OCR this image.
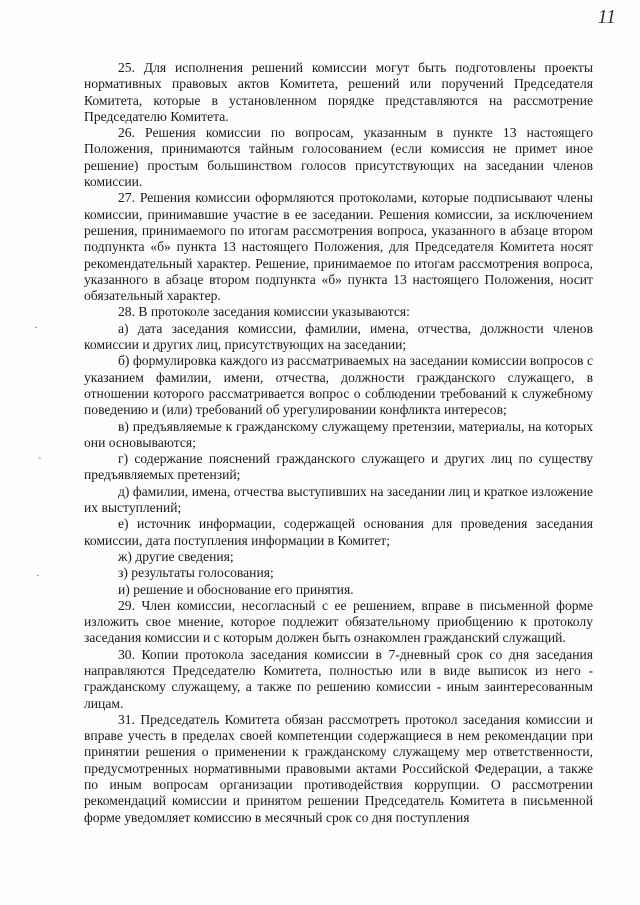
11
·
`
·

25. Для исполнения решений комиссии могут быть подготовлены проекты нормативных правовых актов Комитета, решений или поручений Председателя Комитета, которые в установленном порядке представляются на рассмотрение Председателю Комитета.

26. Решения комиссии по вопросам, указанным в пункте 13 настоящего Положения, принимаются тайным голосованием (если комиссия не примет иное решение) простым большинством голосов присутствующих на заседании членов комиссии.

27. Решения комиссии оформляются протоколами, которые подписывают члены комиссии, принимавшие участие в ее заседании. Решения комиссии, за исключением решения, принимаемого по итогам рассмотрения вопроса, указанного в абзаце втором подпункта «б» пункта 13 настоящего Положения, для Председателя Комитета носят рекомендательный характер. Решение, принимаемое по итогам рассмотрения вопроса, указанного в абзаце втором подпункта «б» пункта 13 настоящего Положения, носит обязательный характер.

28. В протоколе заседания комиссии указываются:

а) дата заседания комиссии, фамилии, имена, отчества, должности членов комиссии и других лиц, присутствующих на заседании;

б) формулировка каждого из рассматриваемых на заседании комиссии вопросов с указанием фамилии, имени, отчества, должности гражданского служащего, в отношении которого рассматривается вопрос о соблюдении требований к служебному поведению и (или) требований об урегулировании конфликта интересов;

в) предъявляемые к гражданскому служащему претензии, материалы, на которых они основываются;

г) содержание пояснений гражданского служащего и других лиц по существу предъявляемых претензий;

д) фамилии, имена, отчества выступивших на заседании лиц и краткое изложение их выступлений;

е) источник информации, содержащей основания для проведения заседания комиссии, дата поступления информации в Комитет;

ж) другие сведения;

з) результаты голосования;

и) решение и обоснование его принятия.

29. Член комиссии, несогласный с ее решением, вправе в письменной форме изложить свое мнение, которое подлежит обязательному приобщению к протоколу заседания комиссии и с которым должен быть ознакомлен гражданский служащий.

30. Копии протокола заседания комиссии в 7-дневный срок со дня заседания направляются Председателю Комитета, полностью или в виде выписок из него - гражданскому служащему, а также по решению комиссии - иным заинтересованным лицам.

31. Председатель Комитета обязан рассмотреть протокол заседания комиссии и вправе учесть в пределах своей компетенции содержащиеся в нем рекомендации при принятии решения о применении к гражданскому служащему мер ответственности, предусмотренных нормативными правовыми актами Российской Федерации, а также по иным вопросам организации противодействия коррупции. О рассмотрении рекомендаций комиссии и принятом решении Председатель Комитета в письменной форме уведомляет комиссию в месячный срок со дня поступления
